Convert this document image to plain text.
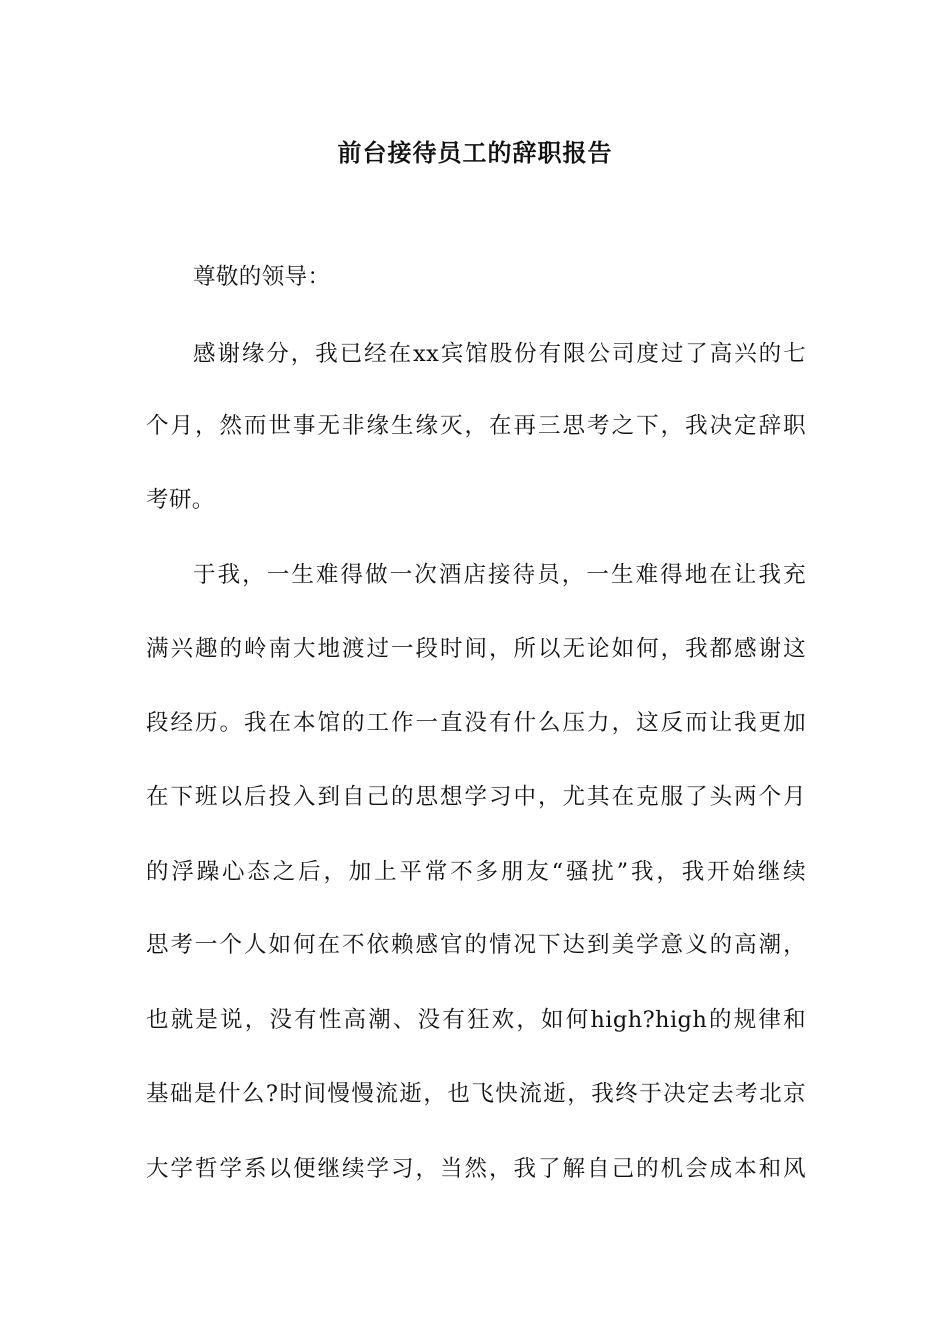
前台接待员工的辞职报告
尊敬的领导：
感谢缘分，我已经在xx宾馆股份有限公司度过了高兴的七
个月，然而世事无非缘生缘灭，在再三思考之下，我决定辞职
考研。
于我，一生难得做一次酒店接待员，一生难得地在让我充
满兴趣的岭南大地渡过一段时间，所以无论如何，我都感谢这
段经历。我在本馆的工作一直没有什么压力，这反而让我更加
在下班以后投入到自己的思想学习中，尤其在克服了头两个月
的浮躁心态之后，加上平常不多朋友“骚扰”我，我开始继续
思考一个人如何在不依赖感官的情况下达到美学意义的高潮，
也就是说，没有性高潮、没有狂欢，如何high?high的规律和
基础是什么?时间慢慢流逝，也飞快流逝，我终于决定去考北京
大学哲学系以便继续学习，当然，我了解自己的机会成本和风
